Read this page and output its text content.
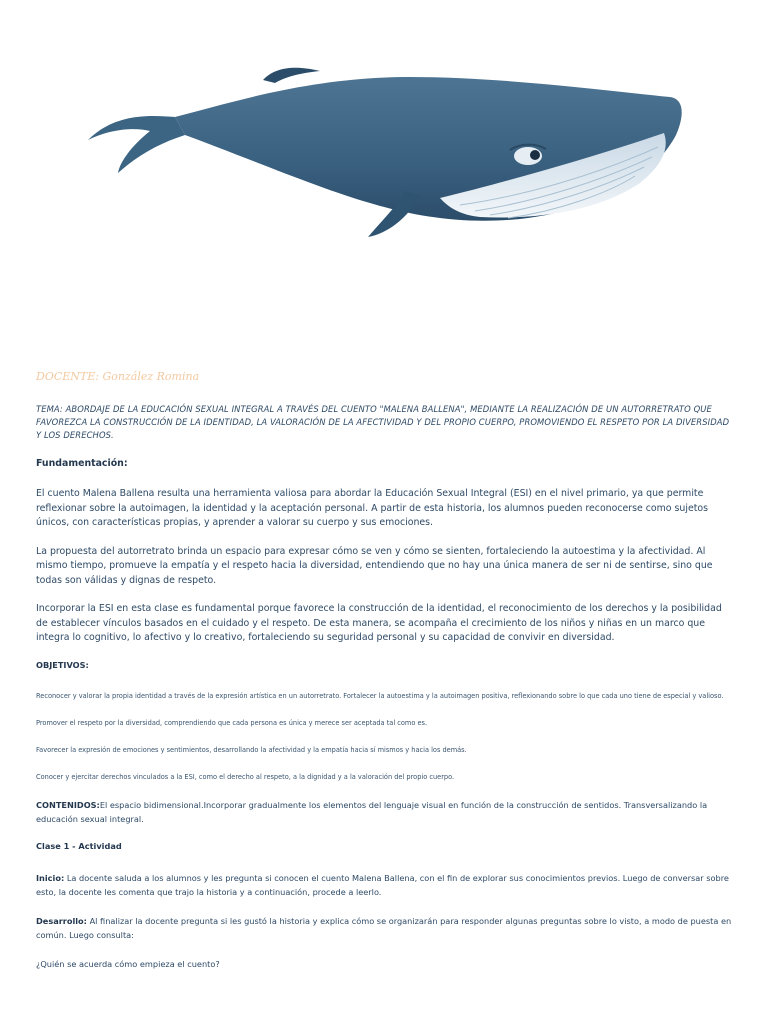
DOCENTE: González Romina

TEMA: ABORDAJE DE LA EDUCACIÓN SEXUAL INTEGRAL A TRAVÉS DEL CUENTO "MALENA BALLENA", MEDIANTE LA REALIZACIÓN DE UN AUTORRETRATO QUE FAVOREZCA LA CONSTRUCCIÓN DE LA IDENTIDAD, LA VALORACIÓN DE LA AFECTIVIDAD Y DEL PROPIO CUERPO, PROMOVIENDO EL RESPETO POR LA DIVERSIDAD Y LOS DERECHOS.

Fundamentación:

El cuento Malena Ballena resulta una herramienta valiosa para abordar la Educación Sexual Integral (ESI) en el nivel primario, ya que permite reflexionar sobre la autoimagen, la identidad y la aceptación personal. A partir de esta historia, los alumnos pueden reconocerse como sujetos únicos, con características propias, y aprender a valorar su cuerpo y sus emociones.

La propuesta del autorretrato brinda un espacio para expresar cómo se ven y cómo se sienten, fortaleciendo la autoestima y la afectividad. Al mismo tiempo, promueve la empatía y el respeto hacia la diversidad, entendiendo que no hay una única manera de ser ni de sentirse, sino que todas son válidas y dignas de respeto.

Incorporar la ESI en esta clase es fundamental porque favorece la construcción de la identidad, el reconocimiento de los derechos y la posibilidad de establecer vínculos basados en el cuidado y el respeto. De esta manera, se acompaña el crecimiento de los niños y niñas en un marco que integra lo cognitivo, lo afectivo y lo creativo, fortaleciendo su seguridad personal y su capacidad de convivir en diversidad.

OBJETIVOS:

Reconocer y valorar la propia identidad a través de la expresión artística en un autorretrato. Fortalecer la autoestima y la autoimagen positiva, reflexionando sobre lo que cada uno tiene de especial y valioso.

Promover el respeto por la diversidad, comprendiendo que cada persona es única y merece ser aceptada tal como es.

Favorecer la expresión de emociones y sentimientos, desarrollando la afectividad y la empatía hacia sí mismos y hacia los demás.

Conocer y ejercitar derechos vinculados a la ESI, como el derecho al respeto, a la dignidad y a la valoración del propio cuerpo.

CONTENIDOS:El espacio bidimensional.Incorporar gradualmente los elementos del lenguaje visual en función de la construcción de sentidos. Transversalizando la educación sexual integral.

Clase 1 - Actividad

Inicio: La docente saluda a los alumnos y les pregunta si conocen el cuento Malena Ballena, con el fin de explorar sus conocimientos previos. Luego de conversar sobre esto, la docente les comenta que trajo la historia y a continuación, procede a leerlo.

Desarrollo: Al finalizar la docente pregunta si les gustó la historia y explica cómo se organizarán para responder algunas preguntas sobre lo visto, a modo de puesta en común. Luego consulta:

¿Quién se acuerda cómo empieza el cuento?
